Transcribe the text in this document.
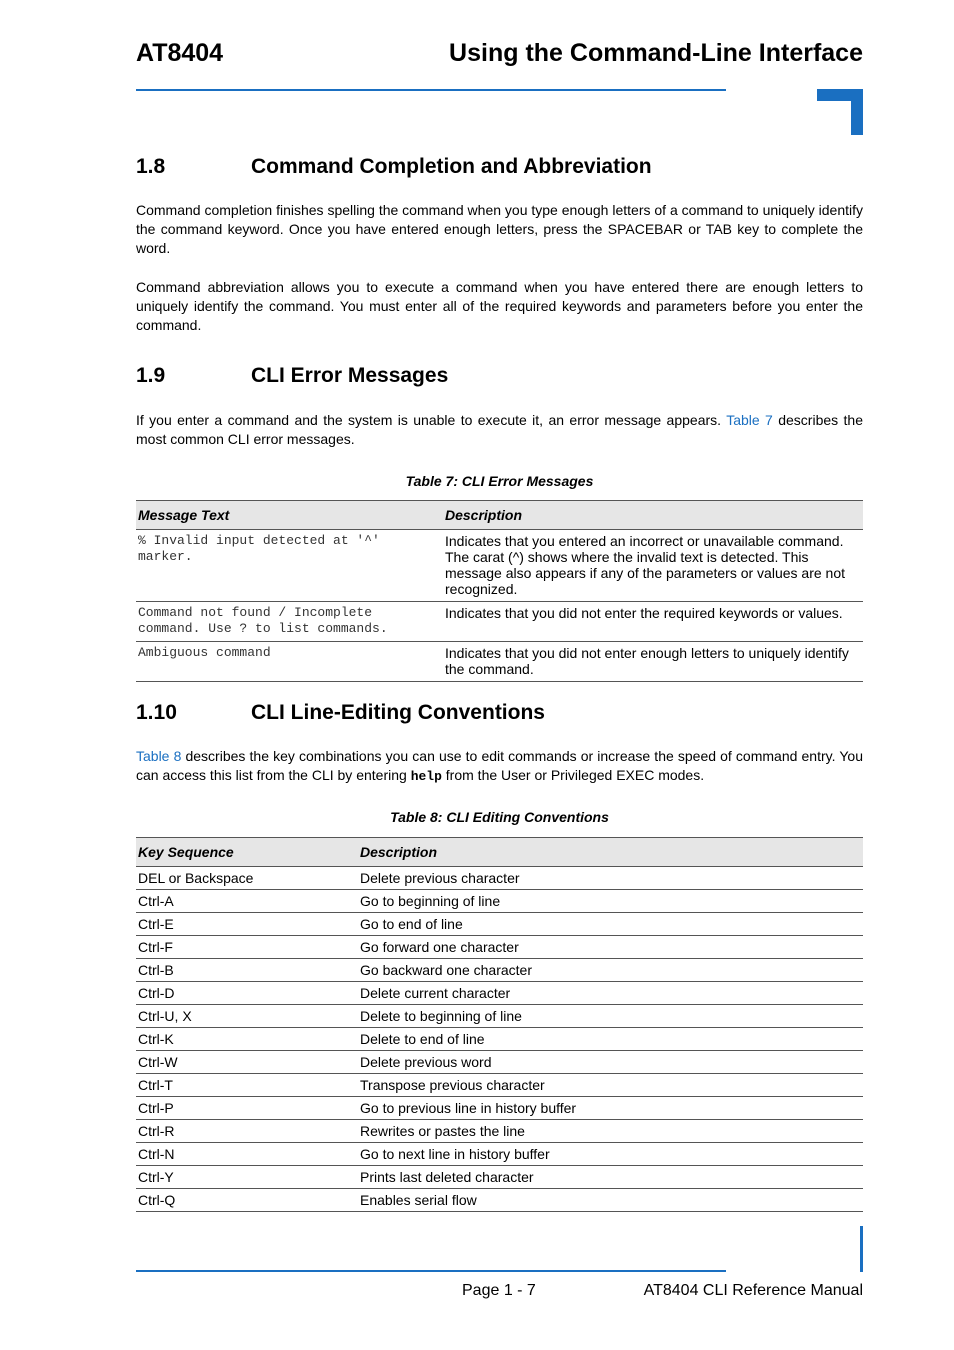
AT8404	Using the Command-Line Interface
1.8	Command Completion and Abbreviation

Command completion finishes spelling the command when you type enough letters of a command to uniquely identify the command keyword. Once you have entered enough letters, press the SPACEBAR or TAB key to complete the word.

Command abbreviation allows you to execute a command when you have entered there are enough letters to uniquely identify the command. You must enter all of the required keywords and parameters before you enter the command.

1.9	CLI Error Messages

If you enter a command and the system is unable to execute it, an error message appears. Table 7 describes the most common CLI error messages.

Table 7: CLI Error Messages
Message Text	Description
% Invalid input detected at '^' marker.	Indicates that you entered an incorrect or unavailable command. The carat (^) shows where the invalid text is detected. This message also appears if any of the parameters or values are not recognized.
Command not found / Incomplete command. Use ? to list commands.	Indicates that you did not enter the required keywords or values.
Ambiguous command	Indicates that you did not enter enough letters to uniquely identify the command.
1.10	CLI Line-Editing Conventions

Table 8 describes the key combinations you can use to edit commands or increase the speed of command entry. You can access this list from the CLI by entering help from the User or Privileged EXEC modes.

Table 8: CLI Editing Conventions
Key Sequence	Description
DEL or Backspace	Delete previous character
Ctrl-A	Go to beginning of line
Ctrl-E	Go to end of line
Ctrl-F	Go forward one character
Ctrl-B	Go backward one character
Ctrl-D	Delete current character
Ctrl-U, X	Delete to beginning of line
Ctrl-K	Delete to end of line
Ctrl-W	Delete previous word
Ctrl-T	Transpose previous character
Ctrl-P	Go to previous line in history buffer
Ctrl-R	Rewrites or pastes the line
Ctrl-N	Go to next line in history buffer
Ctrl-Y	Prints last deleted character
Ctrl-Q	Enables serial flow
Page 1 - 7	AT8404 CLI Reference Manual
